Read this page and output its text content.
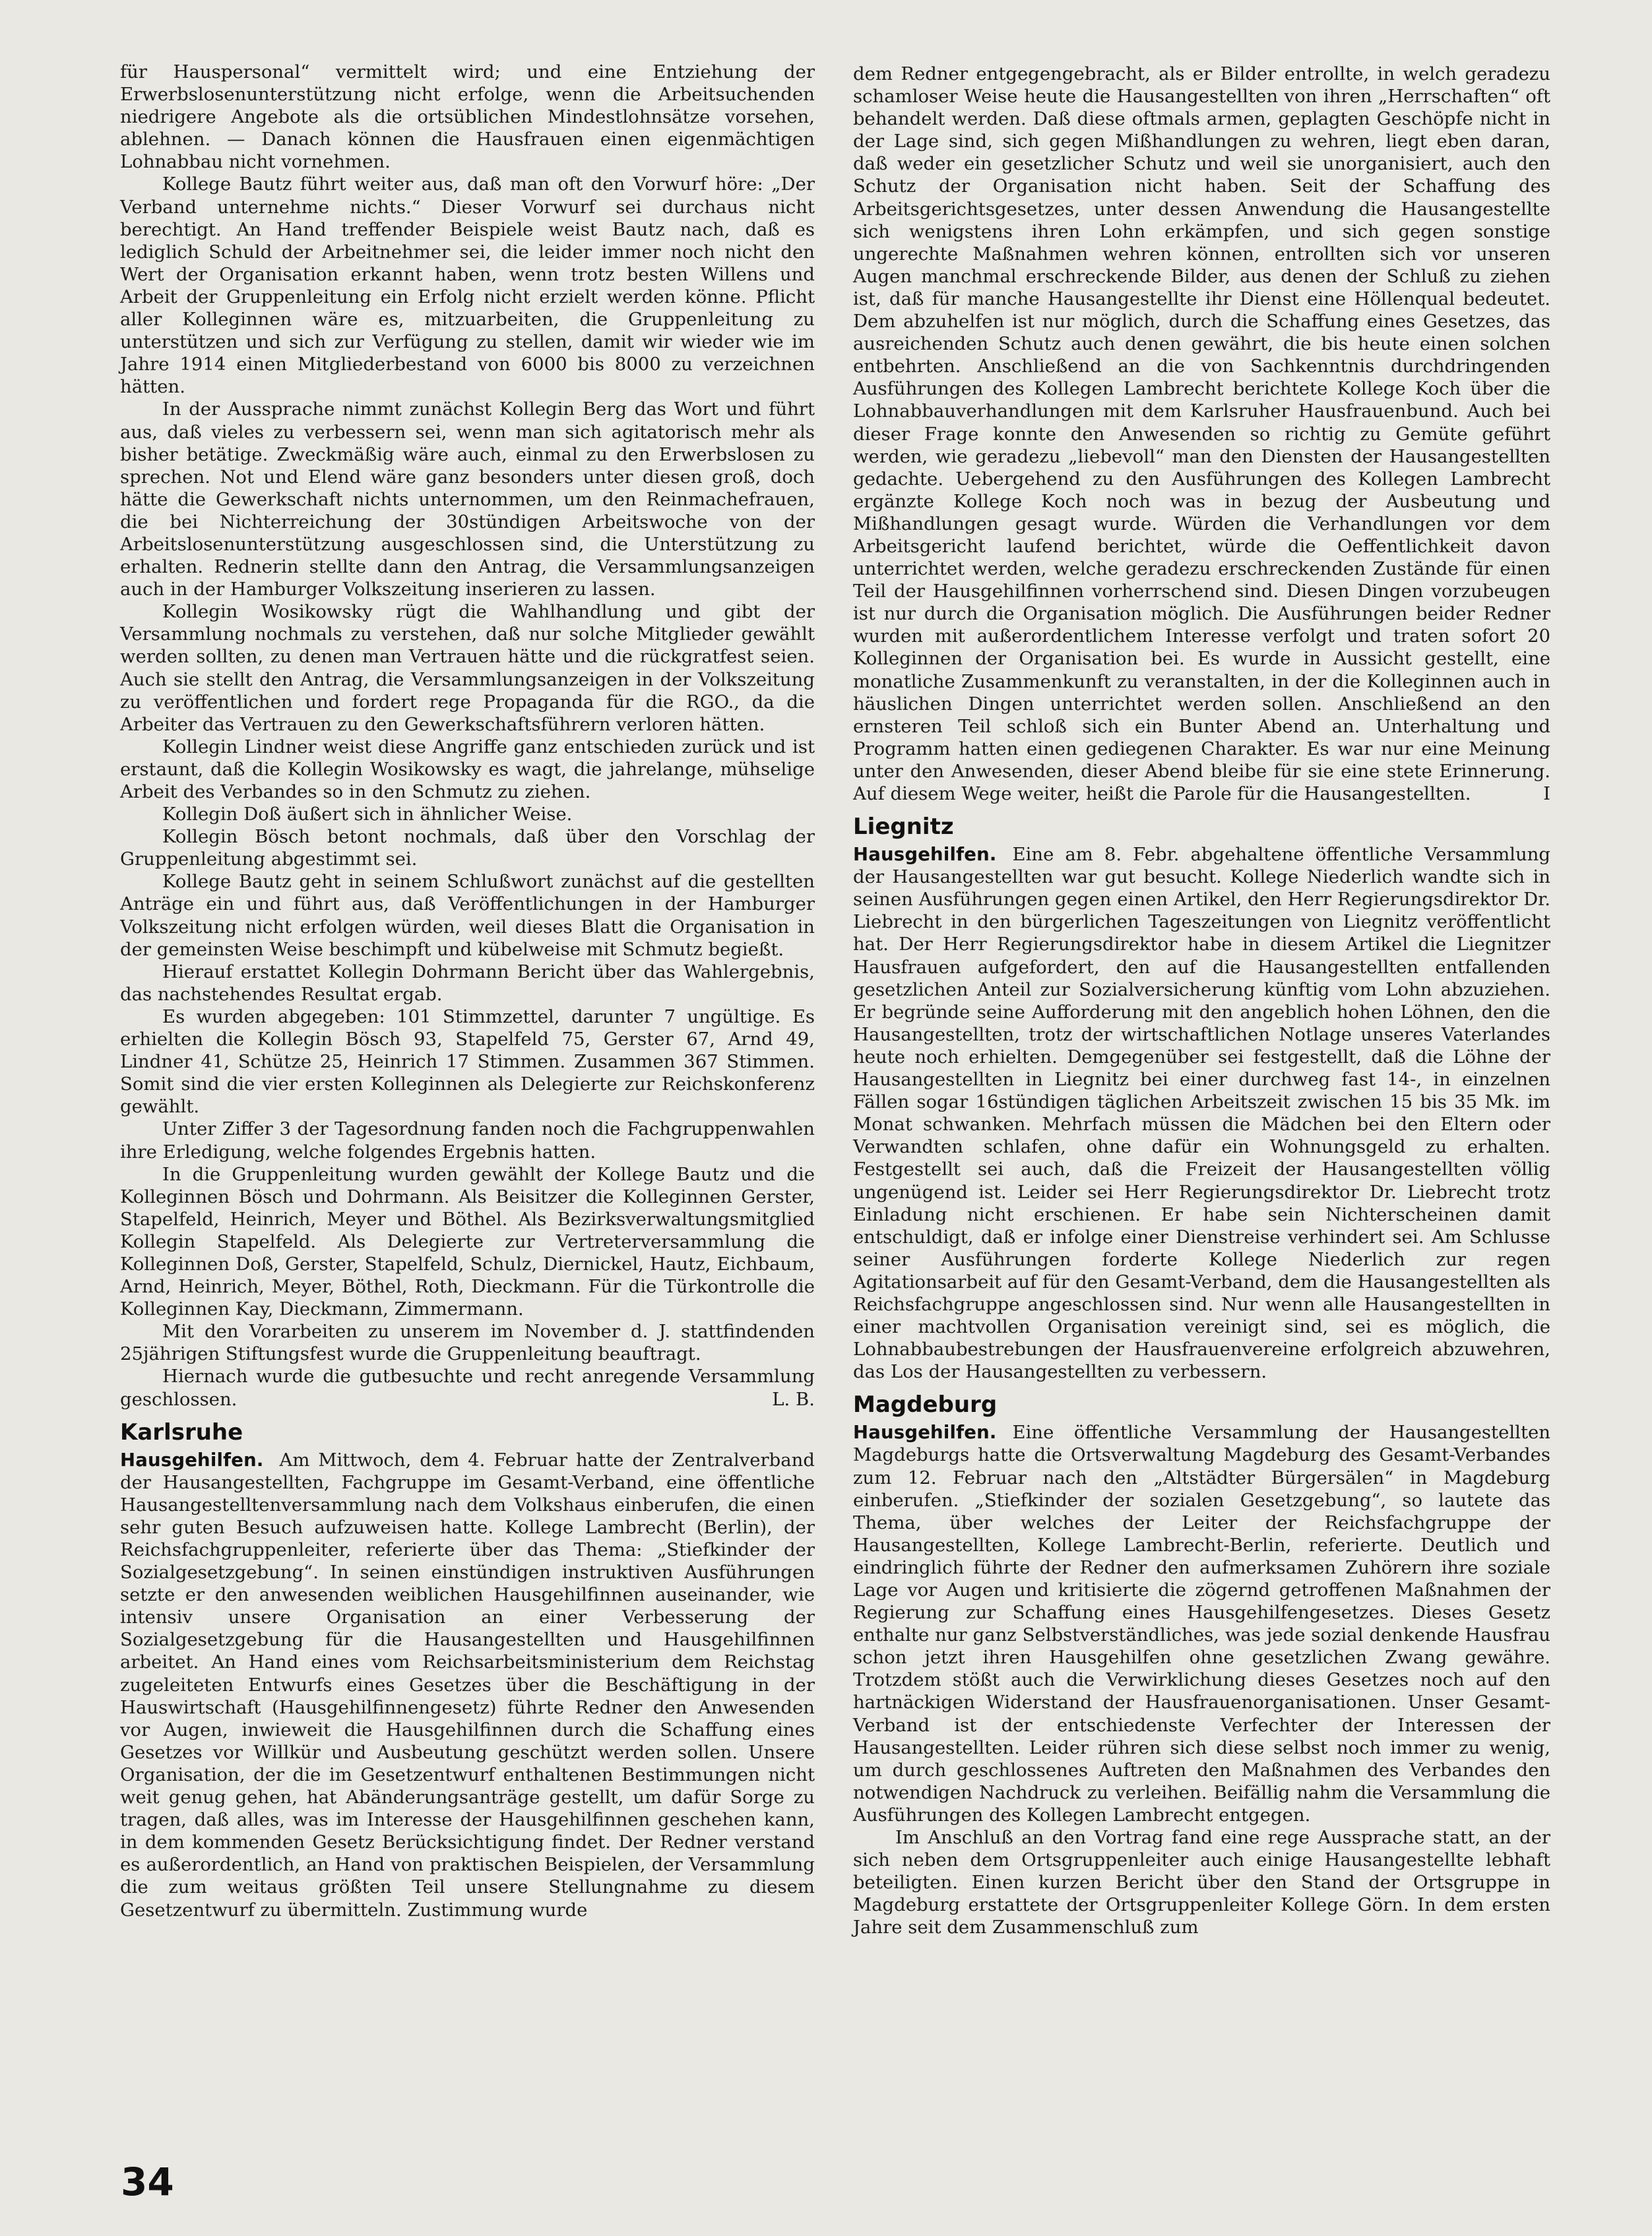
für Hauspersonal“ vermittelt wird; und eine Entziehung der Erwerbslosenunterstützung nicht erfolge, wenn die Arbeitsuchenden niedrigere Angebote als die ortsüblichen Mindestlohnsätze vorsehen, ablehnen. — Danach können die Hausfrauen einen eigenmächtigen Lohnabbau nicht vornehmen.

Kollege Bautz führt weiter aus, daß man oft den Vorwurf höre: „Der Verband unternehme nichts.“ Dieser Vorwurf sei durchaus nicht berechtigt. An Hand treffender Beispiele weist Bautz nach, daß es lediglich Schuld der Arbeitnehmer sei, die leider immer noch nicht den Wert der Organisation erkannt haben, wenn trotz besten Willens und Arbeit der Gruppenleitung ein Erfolg nicht erzielt werden könne. Pflicht aller Kolleginnen wäre es, mitzuarbeiten, die Gruppenleitung zu unterstützen und sich zur Verfügung zu stellen, damit wir wieder wie im Jahre 1914 einen Mitgliederbestand von 6000 bis 8000 zu verzeichnen hätten.

In der Aussprache nimmt zunächst Kollegin Berg das Wort und führt aus, daß vieles zu verbessern sei, wenn man sich agitatorisch mehr als bisher betätige. Zweckmäßig wäre auch, einmal zu den Erwerbslosen zu sprechen. Not und Elend wäre ganz besonders unter diesen groß, doch hätte die Gewerkschaft nichts unternommen, um den Reinmachefrauen, die bei Nichterreichung der 30stündigen Arbeitswoche von der Arbeitslosenunterstützung ausgeschlossen sind, die Unterstützung zu erhalten. Rednerin stellte dann den Antrag, die Versammlungsanzeigen auch in der Hamburger Volkszeitung inserieren zu lassen.

Kollegin Wosikowsky rügt die Wahlhandlung und gibt der Versammlung nochmals zu verstehen, daß nur solche Mitglieder gewählt werden sollten, zu denen man Vertrauen hätte und die rückgratfest seien. Auch sie stellt den Antrag, die Versammlungsanzeigen in der Volkszeitung zu veröffentlichen und fordert rege Propaganda für die RGO., da die Arbeiter das Vertrauen zu den Gewerkschaftsführern verloren hätten.

Kollegin Lindner weist diese Angriffe ganz entschieden zurück und ist erstaunt, daß die Kollegin Wosikowsky es wagt, die jahrelange, mühselige Arbeit des Verbandes so in den Schmutz zu ziehen.

Kollegin Doß äußert sich in ähnlicher Weise.

Kollegin Bösch betont nochmals, daß über den Vorschlag der Gruppenleitung abgestimmt sei.

Kollege Bautz geht in seinem Schlußwort zunächst auf die gestellten Anträge ein und führt aus, daß Veröffentlichungen in der Hamburger Volkszeitung nicht erfolgen würden, weil dieses Blatt die Organisation in der gemeinsten Weise beschimpft und kübelweise mit Schmutz begießt.

Hierauf erstattet Kollegin Dohrmann Bericht über das Wahlergebnis, das nachstehendes Resultat ergab.

Es wurden abgegeben: 101 Stimmzettel, darunter 7 ungültige. Es erhielten die Kollegin Bösch 93, Stapelfeld 75, Gerster 67, Arnd 49, Lindner 41, Schütze 25, Heinrich 17 Stimmen. Zusammen 367 Stimmen. Somit sind die vier ersten Kolleginnen als Delegierte zur Reichskonferenz gewählt.

Unter Ziffer 3 der Tagesordnung fanden noch die Fachgruppenwahlen ihre Erledigung, welche folgendes Ergebnis hatten.

In die Gruppenleitung wurden gewählt der Kollege Bautz und die Kolleginnen Bösch und Dohrmann. Als Beisitzer die Kolleginnen Gerster, Stapelfeld, Heinrich, Meyer und Böthel. Als Bezirksverwaltungsmitglied Kollegin Stapelfeld. Als Delegierte zur Vertreterversammlung die Kolleginnen Doß, Gerster, Stapelfeld, Schulz, Diernickel, Hautz, Eichbaum, Arnd, Heinrich, Meyer, Böthel, Roth, Dieckmann. Für die Türkontrolle die Kolleginnen Kay, Dieckmann, Zimmermann.

Mit den Vorarbeiten zu unserem im November d. J. stattfindenden 25jährigen Stiftungsfest wurde die Gruppenleitung beauftragt.

Hiernach wurde die gutbesuchte und recht anregende Versammlung geschlossen.	L. B.

Karlsruhe

Hausgehilfen. Am Mittwoch, dem 4. Februar hatte der Zentralverband der Hausangestellten, Fachgruppe im Gesamt-Verband, eine öffentliche Hausangestelltenversammlung nach dem Volkshaus einberufen, die einen sehr guten Besuch aufzuweisen hatte. Kollege Lambrecht (Berlin), der Reichsfachgruppenleiter, referierte über das Thema: „Stiefkinder der Sozialgesetzgebung“. In seinen einstündigen instruktiven Ausführungen setzte er den anwesenden weiblichen Hausgehilfinnen auseinander, wie intensiv unsere Organisation an einer Verbesserung der Sozialgesetzgebung für die Hausangestellten und Hausgehilfinnen arbeitet. An Hand eines vom Reichsarbeitsministerium dem Reichstag zugeleiteten Entwurfs eines Gesetzes über die Beschäftigung in der Hauswirtschaft (Hausgehilfinnengesetz) führte Redner den Anwesenden vor Augen, inwieweit die Hausgehilfinnen durch die Schaffung eines Gesetzes vor Willkür und Ausbeutung geschützt werden sollen. Unsere Organisation, der die im Gesetzentwurf enthaltenen Bestimmungen nicht weit genug gehen, hat Abänderungsanträge gestellt, um dafür Sorge zu tragen, daß alles, was im Interesse der Hausgehilfinnen geschehen kann, in dem kommenden Gesetz Berücksichtigung findet. Der Redner verstand es außerordentlich, an Hand von praktischen Beispielen, der Versammlung die zum weitaus größten Teil unsere Stellungnahme zu diesem Gesetzentwurf zu übermitteln. Zustimmung wurde

dem Redner entgegengebracht, als er Bilder entrollte, in welch geradezu schamloser Weise heute die Hausangestellten von ihren „Herrschaften“ oft behandelt werden. Daß diese oftmals armen, geplagten Geschöpfe nicht in der Lage sind, sich gegen Mißhandlungen zu wehren, liegt eben daran, daß weder ein gesetzlicher Schutz und weil sie unorganisiert, auch den Schutz der Organisation nicht haben. Seit der Schaffung des Arbeitsgerichtsgesetzes, unter dessen Anwendung die Hausangestellte sich wenigstens ihren Lohn erkämpfen, und sich gegen sonstige ungerechte Maßnahmen wehren können, entrollten sich vor unseren Augen manchmal erschreckende Bilder, aus denen der Schluß zu ziehen ist, daß für manche Hausangestellte ihr Dienst eine Höllenqual bedeutet. Dem abzuhelfen ist nur möglich, durch die Schaffung eines Gesetzes, das ausreichenden Schutz auch denen gewährt, die bis heute einen solchen entbehrten. Anschließend an die von Sachkenntnis durchdringenden Ausführungen des Kollegen Lambrecht berichtete Kollege Koch über die Lohnabbauverhandlungen mit dem Karlsruher Hausfrauenbund. Auch bei dieser Frage konnte den Anwesenden so richtig zu Gemüte geführt werden, wie geradezu „liebevoll“ man den Diensten der Hausangestellten gedachte. Uebergehend zu den Ausführungen des Kollegen Lambrecht ergänzte Kollege Koch noch was in bezug der Ausbeutung und Mißhandlungen gesagt wurde. Würden die Verhandlungen vor dem Arbeitsgericht laufend berichtet, würde die Oeffentlichkeit davon unterrichtet werden, welche geradezu erschreckenden Zustände für einen Teil der Hausgehilfinnen vorherrschend sind. Diesen Dingen vorzubeugen ist nur durch die Organisation möglich. Die Ausführungen beider Redner wurden mit außerordentlichem Interesse verfolgt und traten sofort 20 Kolleginnen der Organisation bei. Es wurde in Aussicht gestellt, eine monatliche Zusammenkunft zu veranstalten, in der die Kolleginnen auch in häuslichen Dingen unterrichtet werden sollen. Anschließend an den ernsteren Teil schloß sich ein Bunter Abend an. Unterhaltung und Programm hatten einen gediegenen Charakter. Es war nur eine Meinung unter den Anwesenden, dieser Abend bleibe für sie eine stete Erinnerung. Auf diesem Wege weiter, heißt die Parole für die Hausangestellten.	I

Liegnitz

Hausgehilfen. Eine am 8. Febr. abgehaltene öffentliche Versammlung der Hausangestellten war gut besucht. Kollege Niederlich wandte sich in seinen Ausführungen gegen einen Artikel, den Herr Regierungsdirektor Dr. Liebrecht in den bürgerlichen Tageszeitungen von Liegnitz veröffentlicht hat. Der Herr Regierungsdirektor habe in diesem Artikel die Liegnitzer Hausfrauen aufgefordert, den auf die Hausangestellten entfallenden gesetzlichen Anteil zur Sozialversicherung künftig vom Lohn abzuziehen. Er begründe seine Aufforderung mit den angeblich hohen Löhnen, den die Hausangestellten, trotz der wirtschaftlichen Notlage unseres Vaterlandes heute noch erhielten. Demgegenüber sei festgestellt, daß die Löhne der Hausangestellten in Liegnitz bei einer durchweg fast 14-, in einzelnen Fällen sogar 16stündigen täglichen Arbeitszeit zwischen 15 bis 35 Mk. im Monat schwanken. Mehrfach müssen die Mädchen bei den Eltern oder Verwandten schlafen, ohne dafür ein Wohnungsgeld zu erhalten. Festgestellt sei auch, daß die Freizeit der Hausangestellten völlig ungenügend ist. Leider sei Herr Regierungsdirektor Dr. Liebrecht trotz Einladung nicht erschienen. Er habe sein Nichterscheinen damit entschuldigt, daß er infolge einer Dienstreise verhindert sei. Am Schlusse seiner Ausführungen forderte Kollege Niederlich zur regen Agitationsarbeit auf für den Gesamt-Verband, dem die Hausangestellten als Reichsfachgruppe angeschlossen sind. Nur wenn alle Hausangestellten in einer machtvollen Organisation vereinigt sind, sei es möglich, die Lohnabbaubestrebungen der Hausfrauenvereine erfolgreich abzuwehren, das Los der Hausangestellten zu verbessern.

Magdeburg

Hausgehilfen. Eine öffentliche Versammlung der Hausangestellten Magdeburgs hatte die Ortsverwaltung Magdeburg des Gesamt-Verbandes zum 12. Februar nach den „Altstädter Bürgersälen“ in Magdeburg einberufen. „Stiefkinder der sozialen Gesetzgebung“, so lautete das Thema, über welches der Leiter der Reichsfachgruppe der Hausangestellten, Kollege Lambrecht-Berlin, referierte. Deutlich und eindringlich führte der Redner den aufmerksamen Zuhörern ihre soziale Lage vor Augen und kritisierte die zögernd getroffenen Maßnahmen der Regierung zur Schaffung eines Hausgehilfengesetzes. Dieses Gesetz enthalte nur ganz Selbstverständliches, was jede sozial denkende Hausfrau schon jetzt ihren Hausgehilfen ohne gesetzlichen Zwang gewähre. Trotzdem stößt auch die Verwirklichung dieses Gesetzes noch auf den hartnäckigen Widerstand der Hausfrauenorganisationen. Unser Gesamt-Verband ist der entschiedenste Verfechter der Interessen der Hausangestellten. Leider rühren sich diese selbst noch immer zu wenig, um durch geschlossenes Auftreten den Maßnahmen des Verbandes den notwendigen Nachdruck zu verleihen. Beifällig nahm die Versammlung die Ausführungen des Kollegen Lambrecht entgegen.

Im Anschluß an den Vortrag fand eine rege Aussprache statt, an der sich neben dem Ortsgruppenleiter auch einige Hausangestellte lebhaft beteiligten. Einen kurzen Bericht über den Stand der Ortsgruppe in Magdeburg erstattete der Ortsgruppenleiter Kollege Görn. In dem ersten Jahre seit dem Zusammenschluß zum

34
